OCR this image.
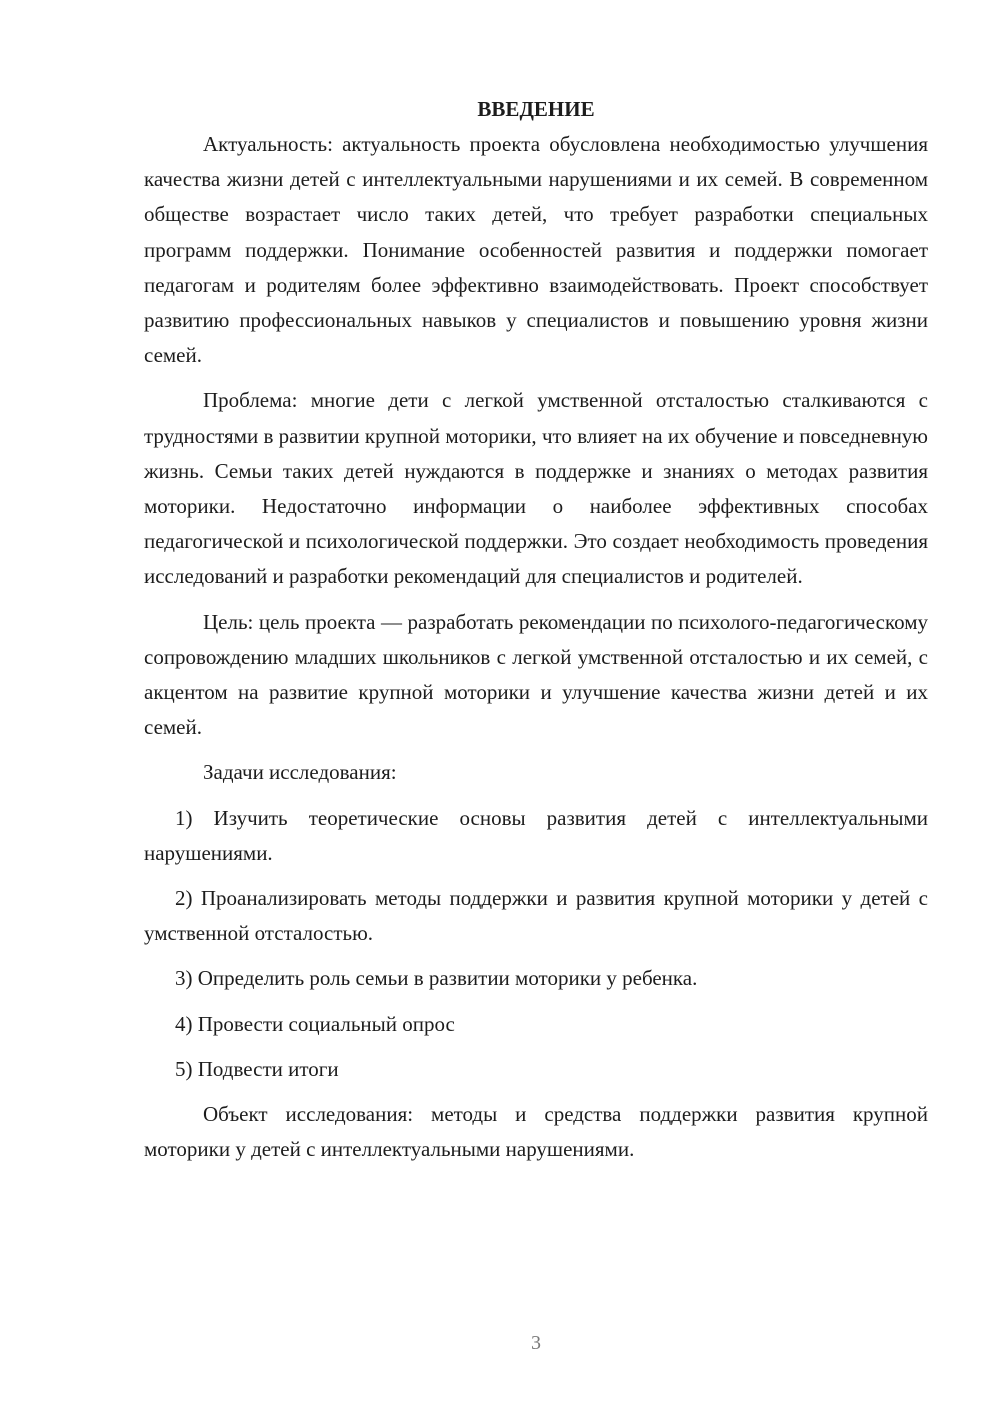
ВВЕДЕНИЕ

Актуальность: актуальность проекта обусловлена необходимостью улучшения качества жизни детей с интеллектуальными нарушениями и их семей. В современном обществе возрастает число таких детей, что требует разработки специальных программ поддержки. Понимание особенностей развития и поддержки помогает педагогам и родителям более эффективно взаимодействовать. Проект способствует развитию профессиональных навыков у специалистов и повышению уровня жизни семей.

Проблема: многие дети с легкой умственной отсталостью сталкиваются с трудностями в развитии крупной моторики, что влияет на их обучение и повседневную жизнь. Семьи таких детей нуждаются в поддержке и знаниях о методах развития моторики. Недостаточно информации о наиболее эффективных способах педагогической и психологической поддержки. Это создает необходимость проведения исследований и разработки рекомендаций для специалистов и родителей.

Цель: цель проекта — разработать рекомендации по психолого-педагогическому сопровождению младших школьников с легкой умственной отсталостью и их семей, с акцентом на развитие крупной моторики и улучшение качества жизни детей и их семей.

Задачи исследования:

1) Изучить теоретические основы развития детей с интеллектуальными нарушениями.

2) Проанализировать методы поддержки и развития крупной моторики у детей с умственной отсталостью.

3) Определить роль семьи в развитии моторики у ребенка.

4) Провести социальный опрос

5) Подвести итоги

Объект исследования: методы и средства поддержки развития крупной моторики у детей с интеллектуальными нарушениями.

3
